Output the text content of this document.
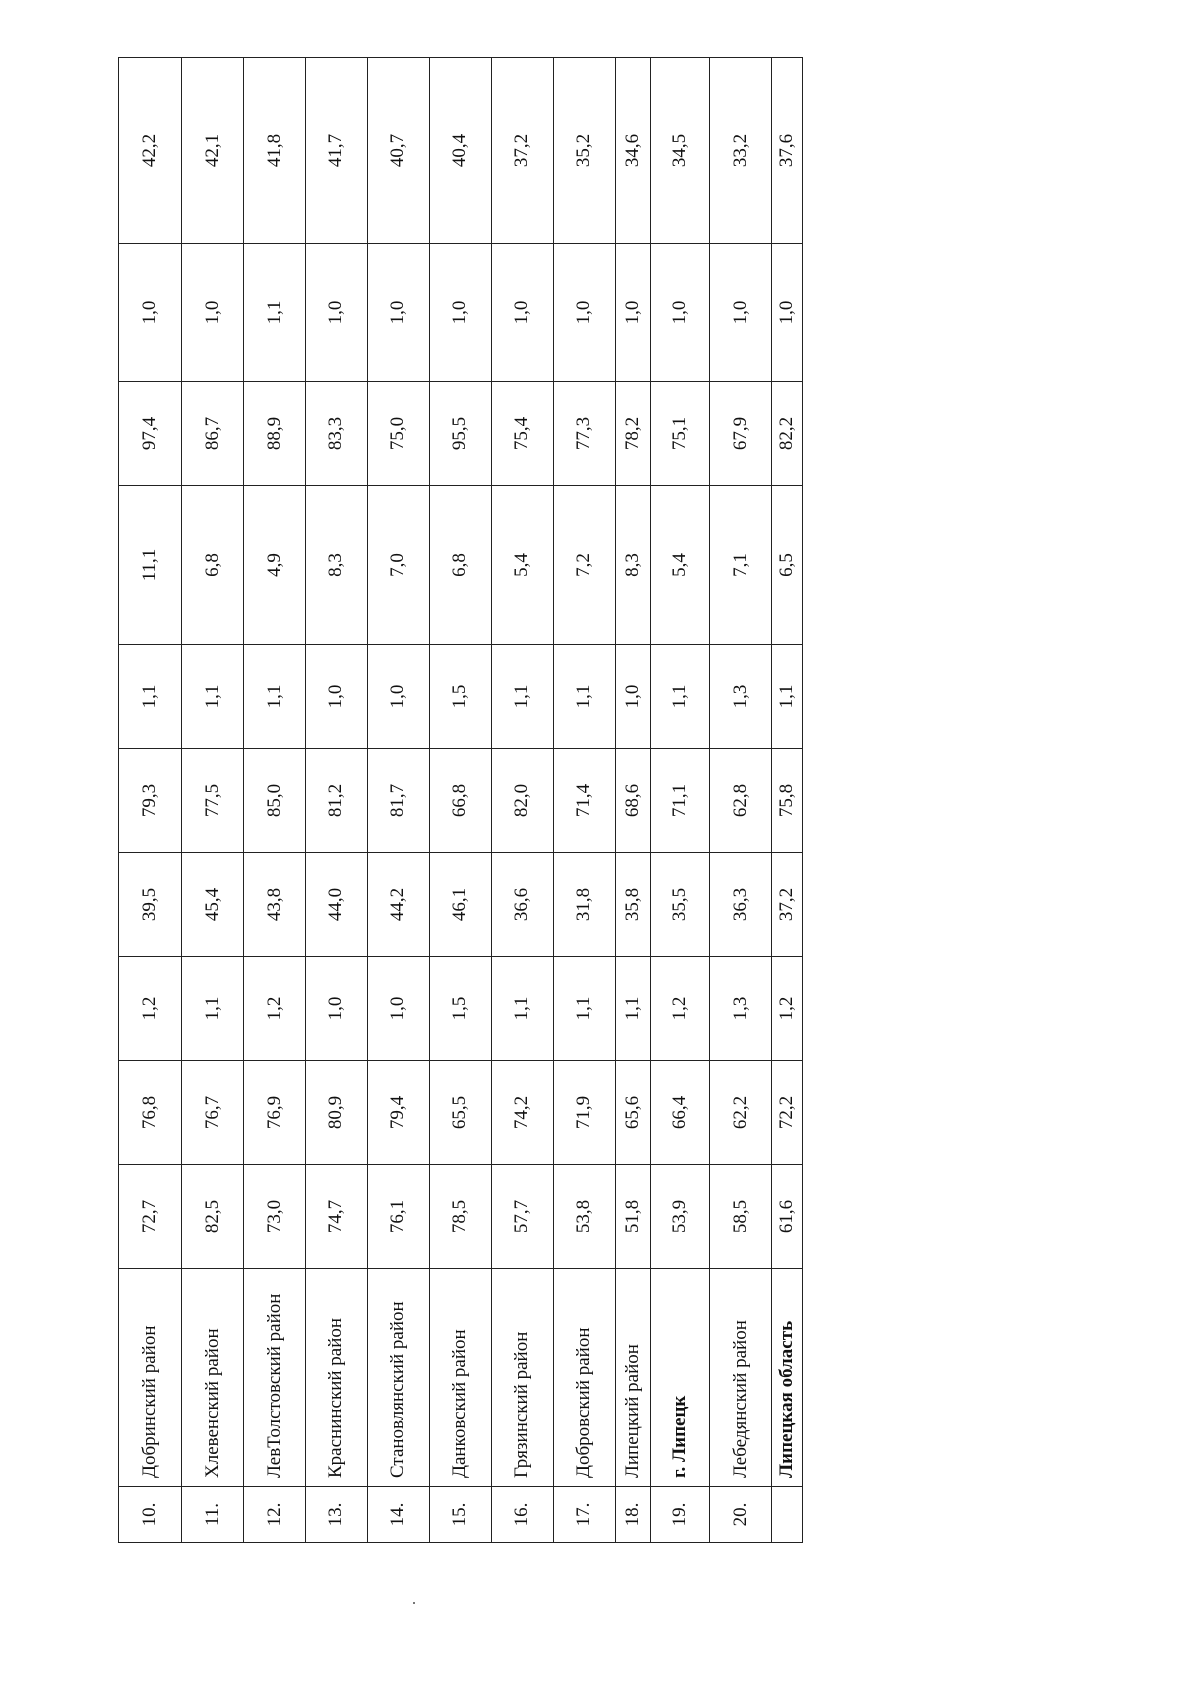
10.	Добринский район	72,7	76,8	1,2	39,5	79,3	1,1	11,1	97,4	1,0	42,2
11.	Хлевенский район	82,5	76,7	1,1	45,4	77,5	1,1	6,8	86,7	1,0	42,1
12.	ЛевТолстовский район	73,0	76,9	1,2	43,8	85,0	1,1	4,9	88,9	1,1	41,8
13.	Краснинский район	74,7	80,9	1,0	44,0	81,2	1,0	8,3	83,3	1,0	41,7
14.	Становлянский район	76,1	79,4	1,0	44,2	81,7	1,0	7,0	75,0	1,0	40,7
15.	Данковский район	78,5	65,5	1,5	46,1	66,8	1,5	6,8	95,5	1,0	40,4
16.	Грязинский район	57,7	74,2	1,1	36,6	82,0	1,1	5,4	75,4	1,0	37,2
17.	Добровский район	53,8	71,9	1,1	31,8	71,4	1,1	7,2	77,3	1,0	35,2
18.	Липецкий район	51,8	65,6	1,1	35,8	68,6	1,0	8,3	78,2	1,0	34,6
19.	г. Липецк	53,9	66,4	1,2	35,5	71,1	1,1	5,4	75,1	1,0	34,5
20.	Лебедянский район	58,5	62,2	1,3	36,3	62,8	1,3	7,1	67,9	1,0	33,2
	Липецкая область	61,6	72,2	1,2	37,2	75,8	1,1	6,5	82,2	1,0	37,6
